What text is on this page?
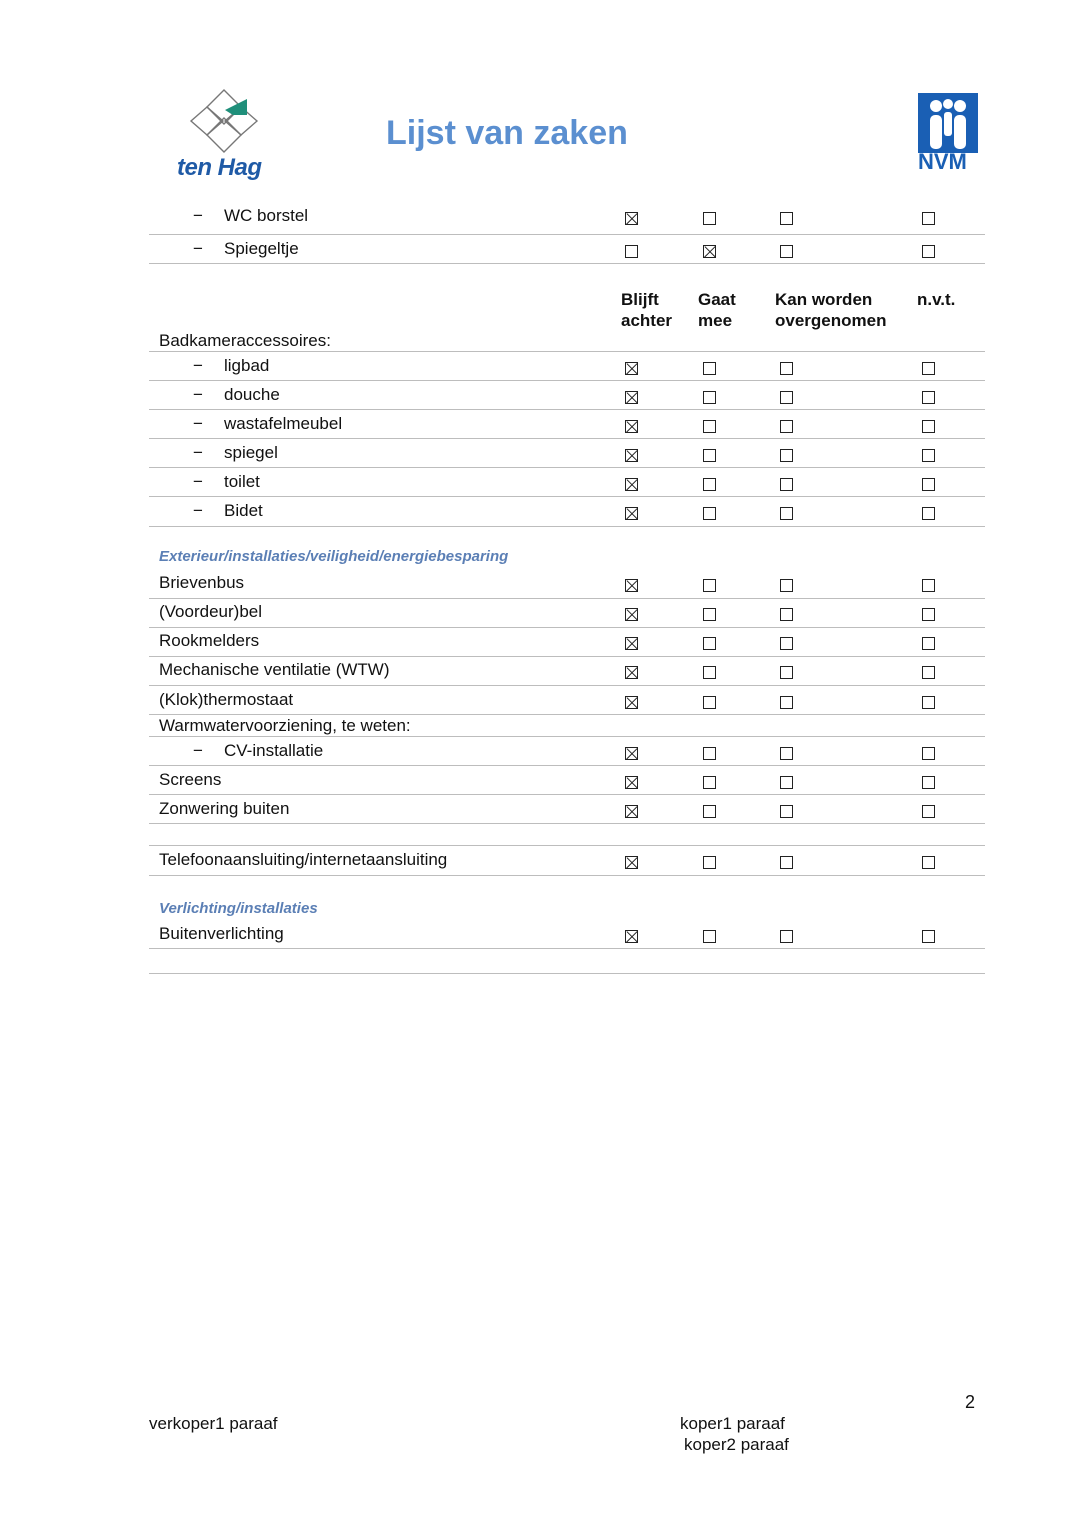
ten Hag
Lijst van zaken
NVM
Blijft
achter
Gaat
mee
Kan worden
overgenomen
n.v.t.
Exterieur/installaties/veiligheid/energiebesparing
Verlichting/installaties
− WC borstel
− Spiegeltje
Badkameraccessoires:
− ligbad
− douche
− wastafelmeubel
− spiegel
− toilet
− Bidet
Brievenbus
(Voordeur)bel
Rookmelders
Mechanische ventilatie (WTW)
(Klok)thermostaat
Warmwatervoorziening, te weten:
− CV-installatie
Screens
Zonwering buiten
Telefoonaansluiting/internetaansluiting
Buitenverlichting
2
verkoper1 paraaf	koper1 paraaf
koper2 paraaf
